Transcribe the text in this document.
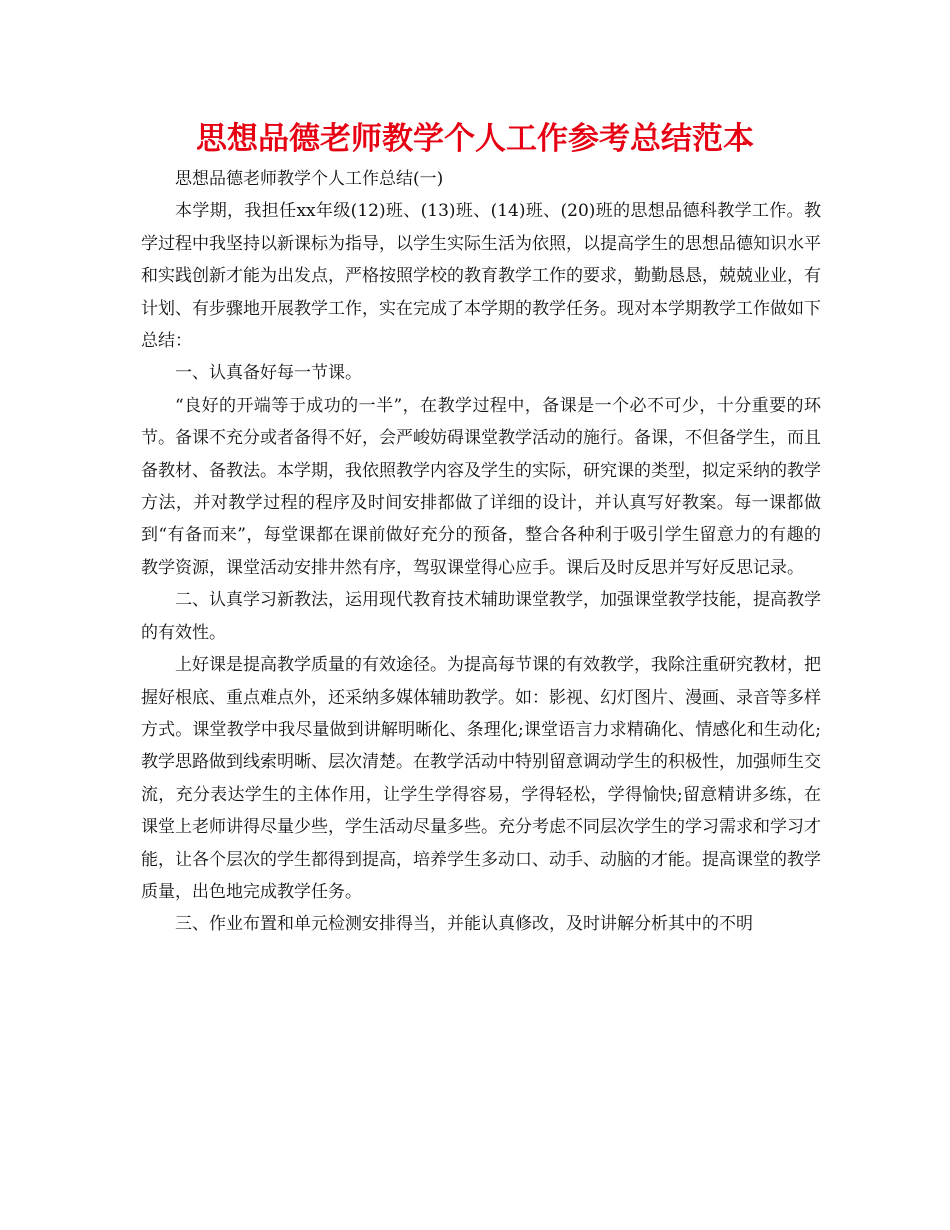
思想品德老师教学个人工作参考总结范本

思想品德老师教学个人工作总结(一)

本学期，我担任xx年级(12)班、(13)班、(14)班、(20)班的思想品德科教学工作。教学过程中我坚持以新课标为指导，以学生实际生活为依照，以提高学生的思想品德知识水平和实践创新才能为出发点，严格按照学校的教育教学工作的要求，勤勤恳恳，兢兢业业，有计划、有步骤地开展教学工作，实在完成了本学期的教学任务。现对本学期教学工作做如下总结：

一、认真备好每一节课。

“良好的开端等于成功的一半”，在教学过程中，备课是一个必不可少，十分重要的环节。备课不充分或者备得不好，会严峻妨碍课堂教学活动的施行。备课，不但备学生，而且备教材、备教法。本学期，我依照教学内容及学生的实际，研究课的类型，拟定采纳的教学方法，并对教学过程的程序及时间安排都做了详细的设计，并认真写好教案。每一课都做到“有备而来”，每堂课都在课前做好充分的预备，整合各种利于吸引学生留意力的有趣的教学资源，课堂活动安排井然有序，驾驭课堂得心应手。课后及时反思并写好反思记录。

二、认真学习新教法，运用现代教育技术辅助课堂教学，加强课堂教学技能，提高教学的有效性。

上好课是提高教学质量的有效途径。为提高每节课的有效教学，我除注重研究教材，把握好根底、重点难点外，还采纳多媒体辅助教学。如：影视、幻灯图片、漫画、录音等多样方式。课堂教学中我尽量做到讲解明晰化、条理化;课堂语言力求精确化、情感化和生动化;教学思路做到线索明晰、层次清楚。在教学活动中特别留意调动学生的积极性，加强师生交流，充分表达学生的主体作用，让学生学得容易，学得轻松，学得愉快;留意精讲多练，在课堂上老师讲得尽量少些，学生活动尽量多些。充分考虑不同层次学生的学习需求和学习才能，让各个层次的学生都得到提高，培养学生多动口、动手、动脑的才能。提高课堂的教学质量，出色地完成教学任务。

三、作业布置和单元检测安排得当，并能认真修改，及时讲解分析其中的不明
